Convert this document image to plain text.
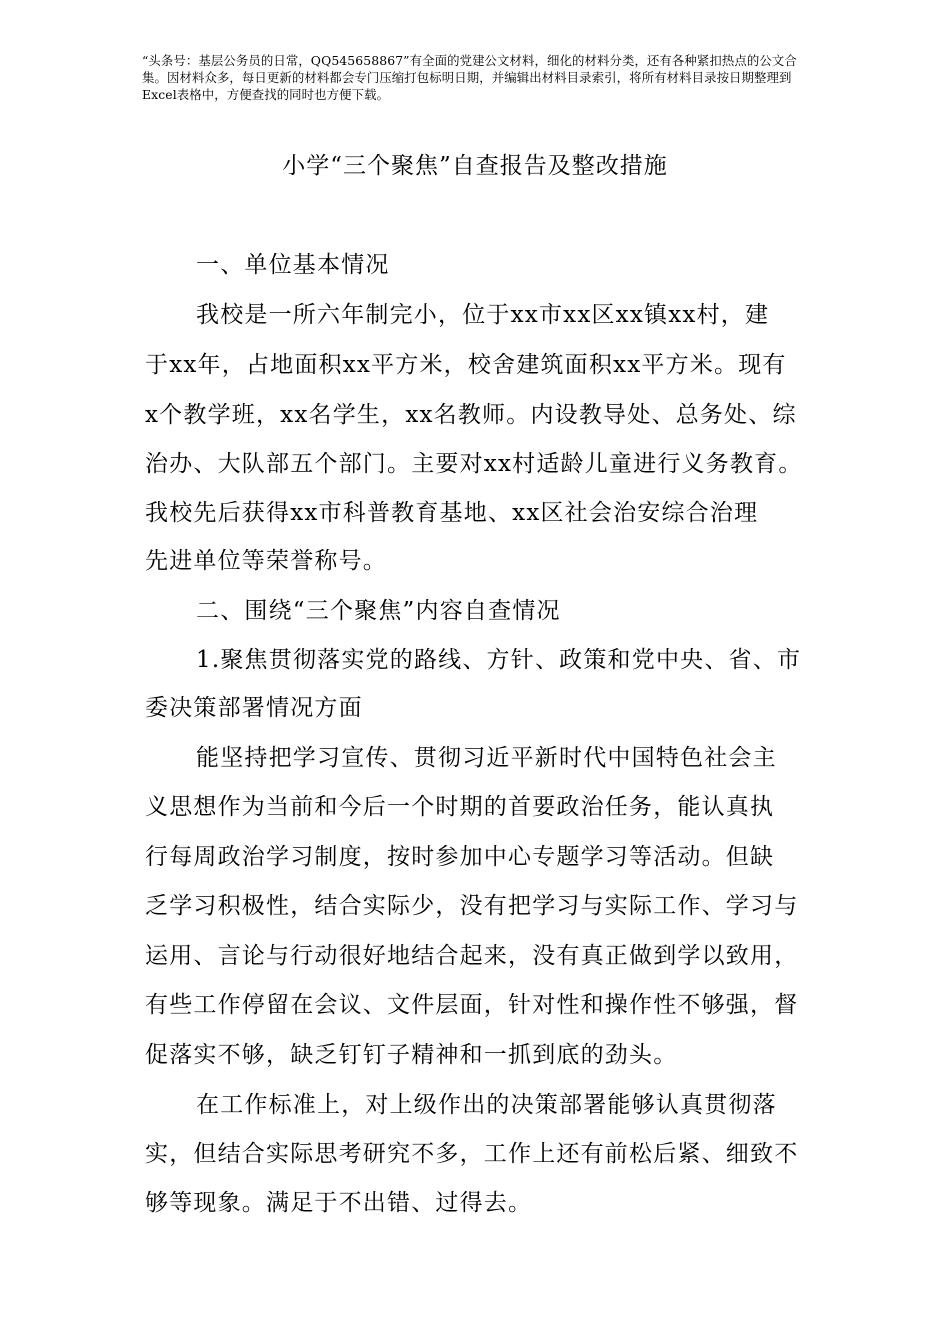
“头条号：基层公务员的日常，QQ545658867”有全面的党建公文材料，细化的材料分类，还有各种紧扣热点的公文合集。因材料众多，每日更新的材料都会专门压缩打包标明日期，并编辑出材料目录索引，将所有材料目录按日期整理到Excel表格中，方便查找的同时也方便下载。
小学“三个聚焦”自查报告及整改措施
一、单位基本情况
我校是一所六年制完小，位于xx市xx区xx镇xx村，建
于xx年，占地面积xx平方米，校舍建筑面积xx平方米。现有
x个教学班，xx名学生，xx名教师。内设教导处、总务处、综
治办、大队部五个部门。主要对xx村适龄儿童进行义务教育。
我校先后获得xx市科普教育基地、xx区社会治安综合治理
先进单位等荣誉称号。
二、围绕“三个聚焦”内容自查情况
1.聚焦贯彻落实党的路线、方针、政策和党中央、省、市
委决策部署情况方面
能坚持把学习宣传、贯彻习近平新时代中国特色社会主
义思想作为当前和今后一个时期的首要政治任务，能认真执
行每周政治学习制度，按时参加中心专题学习等活动。但缺
乏学习积极性，结合实际少，没有把学习与实际工作、学习与
运用、言论与行动很好地结合起来，没有真正做到学以致用，
有些工作停留在会议、文件层面，针对性和操作性不够强，督
促落实不够，缺乏钉钉子精神和一抓到底的劲头。
在工作标准上，对上级作出的决策部署能够认真贯彻落
实，但结合实际思考研究不多，工作上还有前松后紧、细致不
够等现象。满足于不出错、过得去。
